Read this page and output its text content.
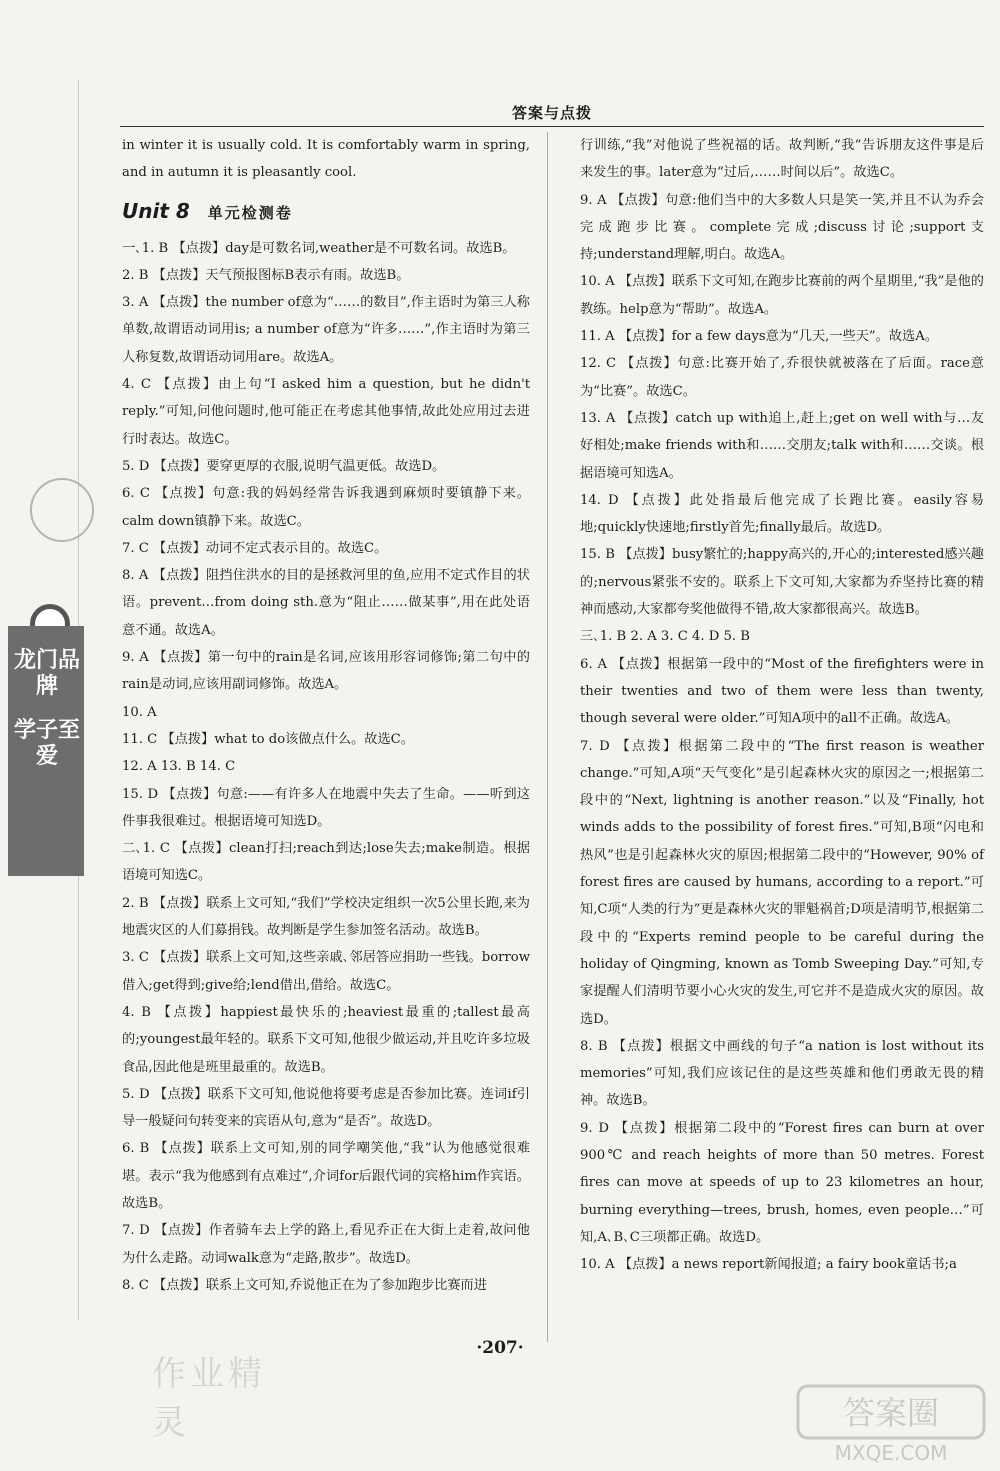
答案与点拨
龙门品牌
学子至爱

in winter it is usually cold. It is comfortably warm in spring, and in autumn it is pleasantly cool.

Unit 8 单元检测卷

一､1. B 【点拨】day是可数名词,weather是不可数名词。故选B。

2. B 【点拨】天气预报图标B表示有雨。故选B。

3. A 【点拨】the number of意为“……的数目”,作主语时为第三人称单数,故谓语动词用is; a number of意为“许多……”,作主语时为第三人称复数,故谓语动词用are。故选A。

4. C 【点拨】由上句“I asked him a question, but he didn't reply.”可知,问他问题时,他可能正在考虑其他事情,故此处应用过去进行时表达。故选C。

5. D 【点拨】要穿更厚的衣服,说明气温更低。故选D。

6. C 【点拨】句意:我的妈妈经常告诉我遇到麻烦时要镇静下来。calm down镇静下来。故选C。

7. C 【点拨】动词不定式表示目的。故选C。

8. A 【点拨】阻挡住洪水的目的是拯救河里的鱼,应用不定式作目的状语。prevent…from doing sth.意为“阻止……做某事”,用在此处语意不通。故选A。

9. A 【点拨】第一句中的rain是名词,应该用形容词修饰;第二句中的rain是动词,应该用副词修饰。故选A。

10. A

11. C 【点拨】what to do该做点什么。故选C。

12. A 13. B 14. C

15. D 【点拨】句意:——有许多人在地震中失去了生命。——听到这件事我很难过。根据语境可知选D。

二､1. C 【点拨】clean打扫;reach到达;lose失去;make制造。根据语境可知选C。

2. B 【点拨】联系上文可知,“我们”学校决定组织一次5公里长跑,来为地震灾区的人们募捐钱。故判断是学生参加签名活动。故选B。

3. C 【点拨】联系上文可知,这些亲戚､邻居答应捐助一些钱。borrow借入;get得到;give给;lend借出,借给。故选C。

4. B 【点拨】happiest最快乐的;heaviest最重的;tallest最高的;youngest最年轻的。联系下文可知,他很少做运动,并且吃许多垃圾食品,因此他是班里最重的。故选B。

5. D 【点拨】联系下文可知,他说他将要考虑是否参加比赛。连词if引导一般疑问句转变来的宾语从句,意为“是否”。故选D。

6. B 【点拨】联系上文可知,别的同学嘲笑他,“我”认为他感觉很难堪。表示“我为他感到有点难过”,介词for后跟代词的宾格him作宾语。故选B。

7. D 【点拨】作者骑车去上学的路上,看见乔正在大街上走着,故问他为什么走路。动词walk意为“走路,散步”。故选D。

8. C 【点拨】联系上文可知,乔说他正在为了参加跑步比赛而进

行训练,“我”对他说了些祝福的话。故判断,“我”告诉朋友这件事是后来发生的事。later意为“过后,……时间以后”。故选C。

9. A 【点拨】句意:他们当中的大多数人只是笑一笑,并且不认为乔会完成跑步比赛。complete完成;discuss讨论;support支持;understand理解,明白。故选A。

10. A 【点拨】联系下文可知,在跑步比赛前的两个星期里,“我”是他的教练。help意为“帮助”。故选A。

11. A 【点拨】for a few days意为“几天,一些天”。故选A。

12. C 【点拨】句意:比赛开始了,乔很快就被落在了后面。race意为“比赛”。故选C。

13. A 【点拨】catch up with追上,赶上;get on well with与…友好相处;make friends with和……交朋友;talk with和……交谈。根据语境可知选A。

14. D 【点拨】此处指最后他完成了长跑比赛。easily容易地;quickly快速地;firstly首先;finally最后。故选D。

15. B 【点拨】busy繁忙的;happy高兴的,开心的;interested感兴趣的;nervous紧张不安的。联系上下文可知,大家都为乔坚持比赛的精神而感动,大家都夸奖他做得不错,故大家都很高兴。故选B。

三､1. B 2. A 3. C 4. D 5. B

6. A 【点拨】根据第一段中的“Most of the firefighters were in their twenties and two of them were less than twenty, though several were older.”可知A项中的all不正确。故选A。

7. D 【点拨】根据第二段中的“The first reason is weather change.”可知,A项“天气变化”是引起森林火灾的原因之一;根据第二段中的“Next, lightning is another reason.”以及“Finally, hot winds adds to the possibility of forest fires.”可知,B项“闪电和热风”也是引起森林火灾的原因;根据第二段中的“However, 90% of forest fires are caused by humans, according to a report.”可知,C项“人类的行为”更是森林火灾的罪魁祸首;D项是清明节,根据第二段中的“Experts remind people to be careful during the holiday of Qingming, known as Tomb Sweeping Day.”可知,专家提醒人们清明节要小心火灾的发生,可它并不是造成火灾的原因。故选D。

8. B 【点拨】根据文中画线的句子“a nation is lost without its memories”可知,我们应该记住的是这些英雄和他们勇敢无畏的精神。故选B。

9. D 【点拨】根据第二段中的“Forest fires can burn at over 900℃ and reach heights of more than 50 metres. Forest fires can move at speeds of up to 23 kilometres an hour, burning everything—trees, brush, homes, even people…”可知,A､B､C三项都正确。故选D。

10. A 【点拨】a news report新闻报道; a fairy book童话书;a

·207·
作业精灵	答案圈
MXQE.COM
